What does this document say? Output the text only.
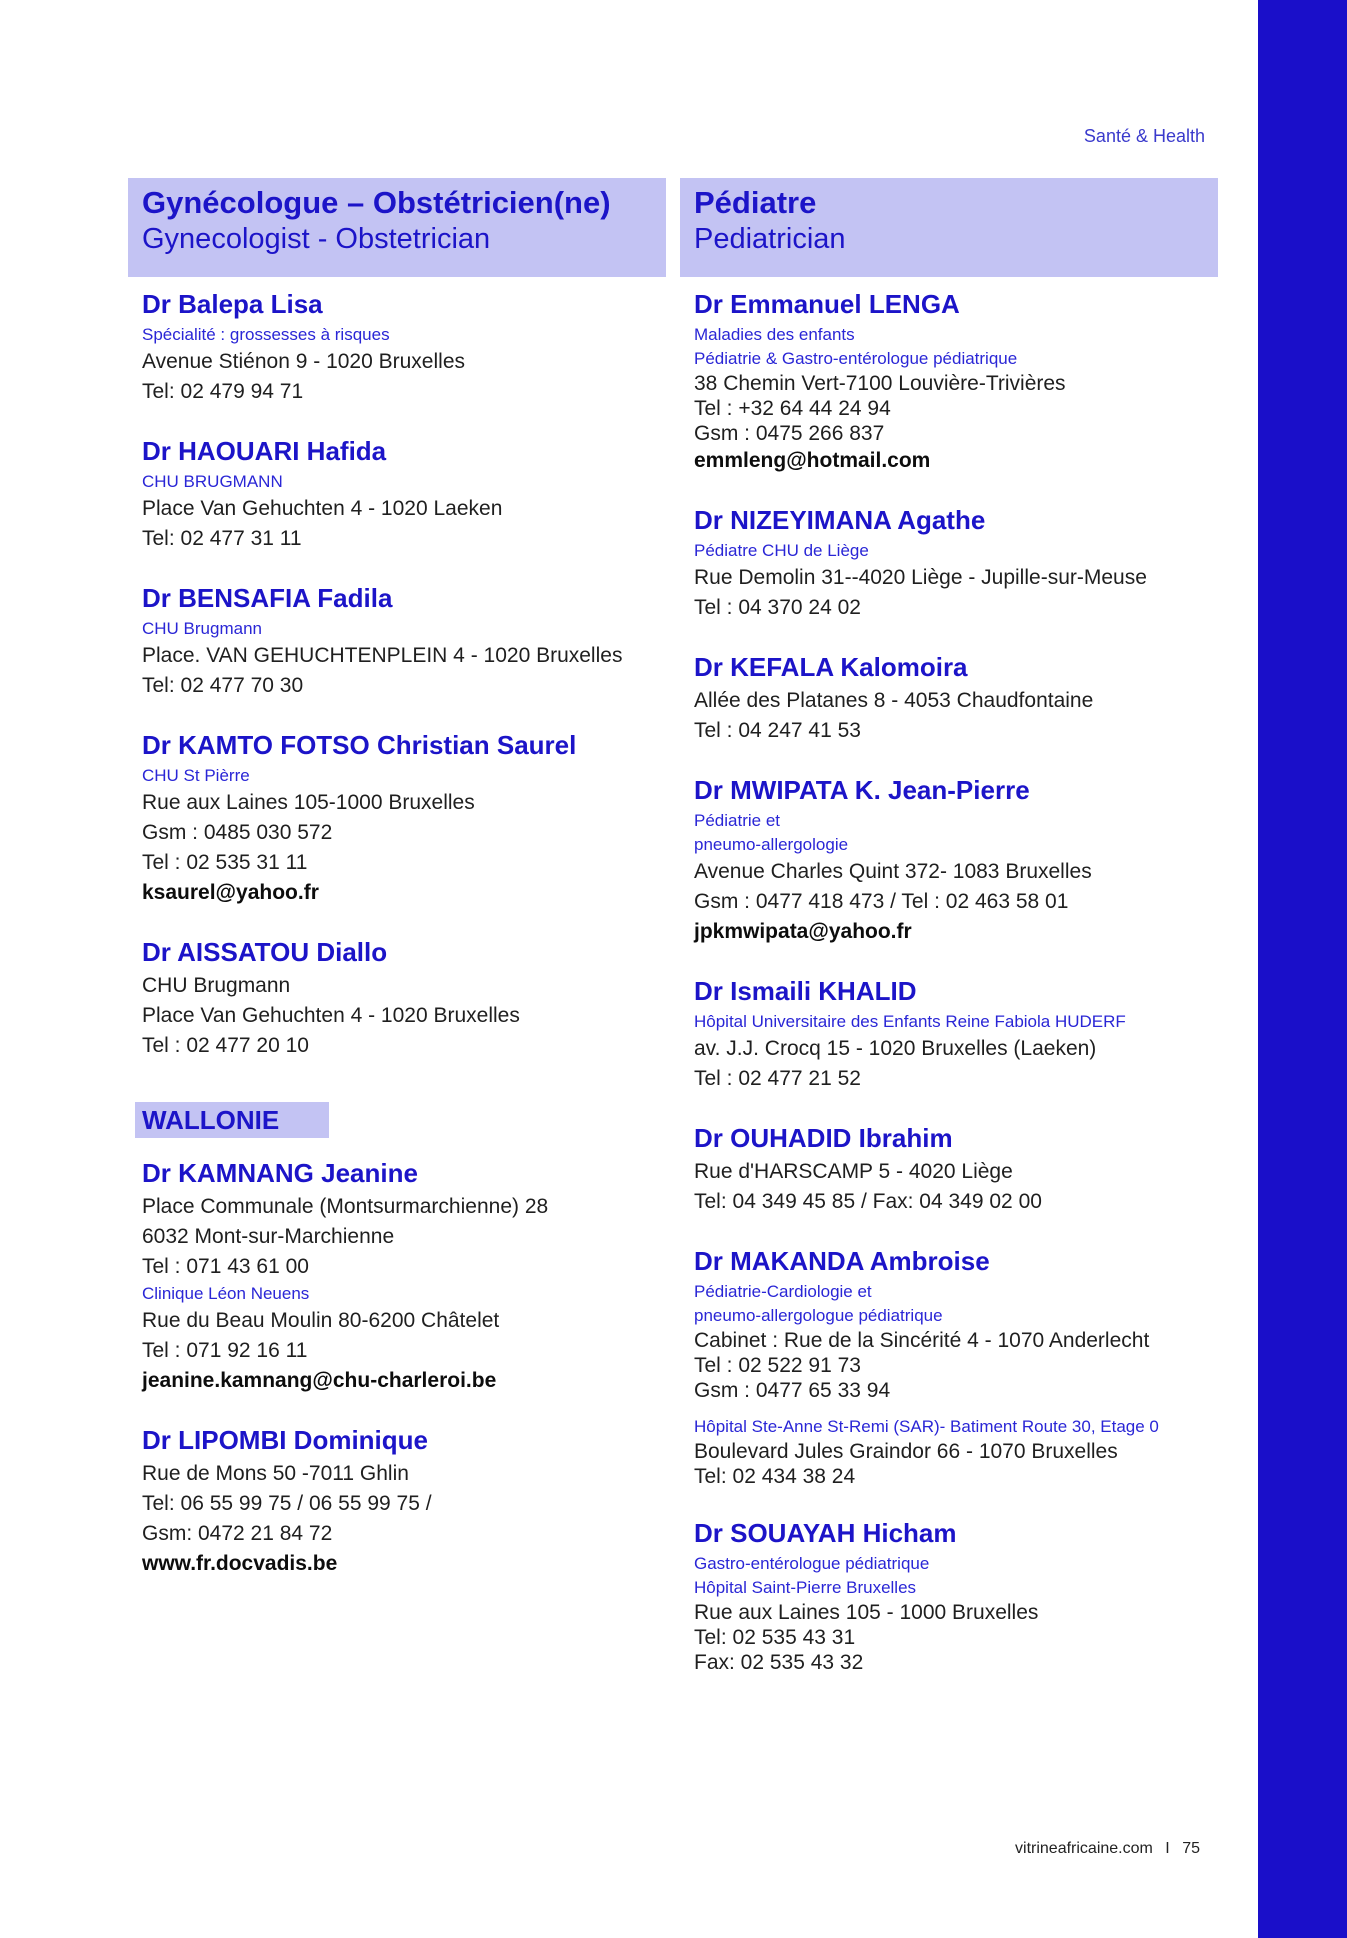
Santé & Health
Gynécologue – Obstétricien(ne)
Gynecologist - Obstetrician
Dr Balepa Lisa
Spécialité : grossesses à risques
Avenue Stiénon 9 - 1020 Bruxelles
Tel: 02 479 94 71
Dr HAOUARI Hafida
CHU BRUGMANN
Place Van Gehuchten 4 - 1020 Laeken
Tel: 02 477 31 11
Dr BENSAFIA Fadila
CHU Brugmann
Place. VAN GEHUCHTENPLEIN 4 - 1020 Bruxelles
Tel: 02 477 70 30
Dr KAMTO FOTSO Christian Saurel
CHU St Pièrre
Rue aux Laines 105-1000 Bruxelles
Gsm : 0485 030 572
Tel : 02 535 31 11
ksaurel@yahoo.fr
Dr AISSATOU Diallo
CHU Brugmann
Place Van Gehuchten 4 - 1020 Bruxelles
Tel : 02 477 20 10
WALLONIE
Dr KAMNANG Jeanine
Place Communale (Montsurmarchienne) 28
6032 Mont-sur-Marchienne
Tel : 071 43 61 00
Clinique Léon Neuens
Rue du Beau Moulin 80-6200 Châtelet
Tel : 071 92 16 11
jeanine.kamnang@chu-charleroi.be
Dr LIPOMBI Dominique
Rue de Mons 50 -7011 Ghlin
Tel: 06 55 99 75 / 06 55 99 75 /
Gsm: 0472 21 84 72
www.fr.docvadis.be
Pédiatre
Pediatrician
Dr Emmanuel LENGA
Maladies des enfants
Pédiatrie & Gastro-entérologue pédiatrique
38 Chemin Vert-7100 Louvière-Trivières
Tel : +32 64 44 24 94
Gsm : 0475 266 837
emmleng@hotmail.com
Dr NIZEYIMANA Agathe
Pédiatre CHU de Liège
Rue Demolin 31--4020 Liège - Jupille-sur-Meuse
Tel : 04 370 24 02
Dr KEFALA Kalomoira
Allée des Platanes 8 - 4053 Chaudfontaine
Tel : 04 247 41 53
Dr MWIPATA K. Jean-Pierre
Pédiatrie et
pneumo-allergologie
Avenue Charles Quint 372- 1083 Bruxelles
Gsm : 0477 418 473 / Tel : 02 463 58 01
jpkmwipata@yahoo.fr
Dr Ismaili KHALID
Hôpital Universitaire des Enfants Reine Fabiola HUDERF
av. J.J. Crocq 15 - 1020 Bruxelles (Laeken)
Tel : 02 477 21 52
Dr OUHADID Ibrahim
Rue d'HARSCAMP 5 - 4020 Liège
Tel: 04 349 45 85 / Fax: 04 349 02 00
Dr MAKANDA Ambroise
Pédiatrie-Cardiologie et
pneumo-allergologue pédiatrique
Cabinet : Rue de la Sincérité 4 - 1070 Anderlecht
Tel : 02 522 91 73
Gsm : 0477 65 33 94
Hôpital Ste-Anne St-Remi (SAR)- Batiment Route 30, Etage 0
Boulevard Jules Graindor 66 - 1070 Bruxelles
Tel: 02 434 38 24
Dr SOUAYAH Hicham
Gastro-entérologue pédiatrique
Hôpital Saint-Pierre Bruxelles
Rue aux Laines 105 - 1000 Bruxelles
Tel: 02 535 43 31
Fax: 02 535 43 32
vitrineafricaine.com I 75
